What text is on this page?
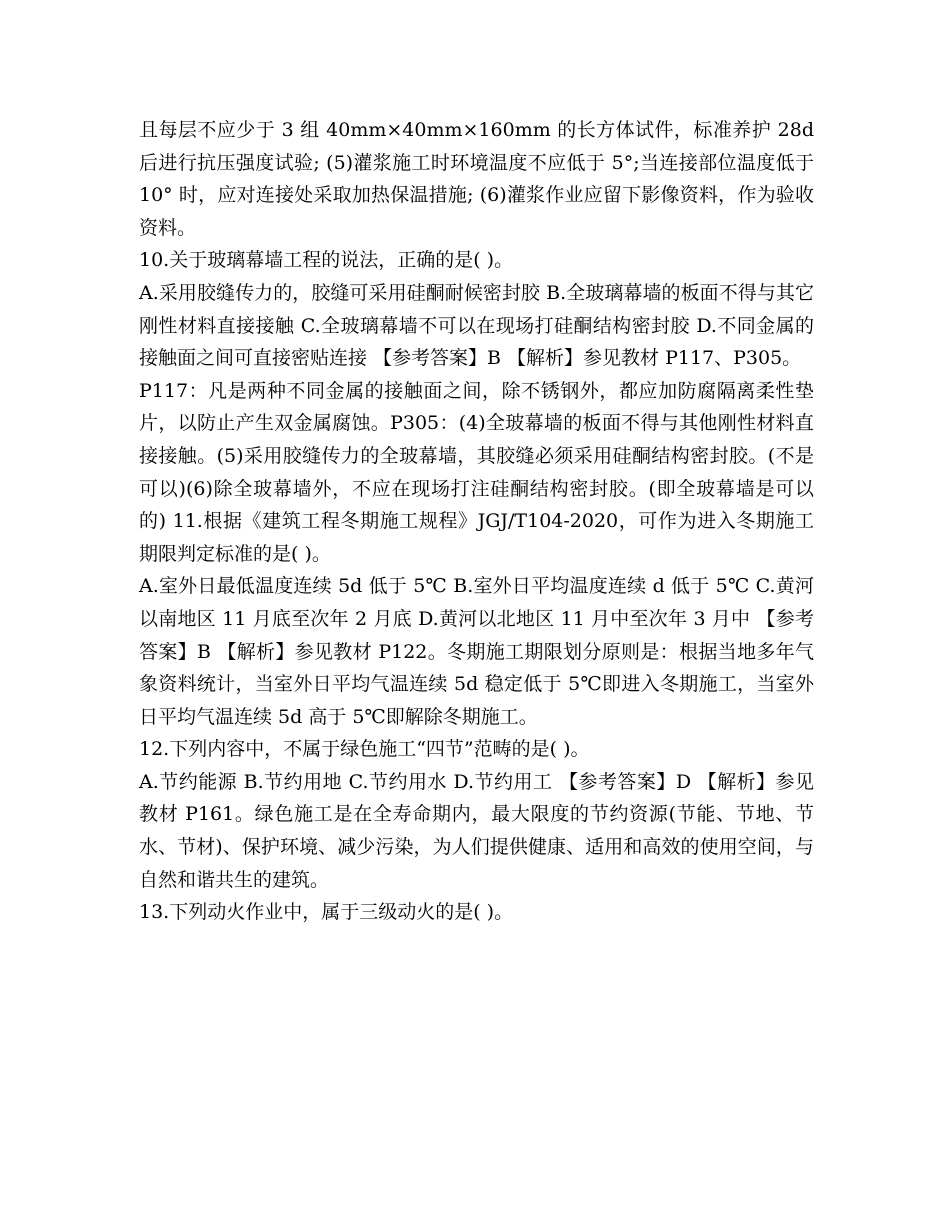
且每层不应少于 3 组 40mm×40mm×160mm 的长方体试件，标准养护 28d 后进行抗压强度试验; (5)灌浆施工时环境温度不应低于 5°;当连接部位温度低于 10° 时，应对连接处采取加热保温措施; (6)灌浆作业应留下影像资料，作为验收资料。

10.关于玻璃幕墙工程的说法，正确的是( )。

A.采用胶缝传力的，胶缝可采用硅酮耐候密封胶 B.全玻璃幕墙的板面不得与其它刚性材料直接接触 C.全玻璃幕墙不可以在现场打硅酮结构密封胶 D.不同金属的接触面之间可直接密贴连接 【参考答案】B 【解析】参见教材 P117、P305。

P117：凡是两种不同金属的接触面之间，除不锈钢外，都应加防腐隔离柔性垫片，以防止产生双金属腐蚀。P305：(4)全玻幕墙的板面不得与其他刚性材料直接接触。(5)采用胶缝传力的全玻幕墙，其胶缝必须采用硅酮结构密封胶。(不是可以)(6)除全玻幕墙外，不应在现场打注硅酮结构密封胶。(即全玻幕墙是可以的) 11.根据《建筑工程冬期施工规程》JGJ/T104-2020，可作为进入冬期施工期限判定标准的是( )。

A.室外日最低温度连续 5d 低于 5℃ B.室外日平均温度连续 d 低于 5℃ C.黄河以南地区 11 月底至次年 2 月底 D.黄河以北地区 11 月中至次年 3 月中 【参考答案】B 【解析】参见教材 P122。冬期施工期限划分原则是：根据当地多年气象资料统计，当室外日平均气温连续 5d 稳定低于 5℃即进入冬期施工，当室外日平均气温连续 5d 高于 5℃即解除冬期施工。

12.下列内容中，不属于绿色施工“四节”范畴的是( )。

A.节约能源 B.节约用地 C.节约用水 D.节约用工 【参考答案】D 【解析】参见教材 P161。绿色施工是在全寿命期内，最大限度的节约资源(节能、节地、节水、节材)、保护环境、减少污染，为人们提供健康、适用和高效的使用空间，与自然和谐共生的建筑。

13.下列动火作业中，属于三级动火的是( )。
